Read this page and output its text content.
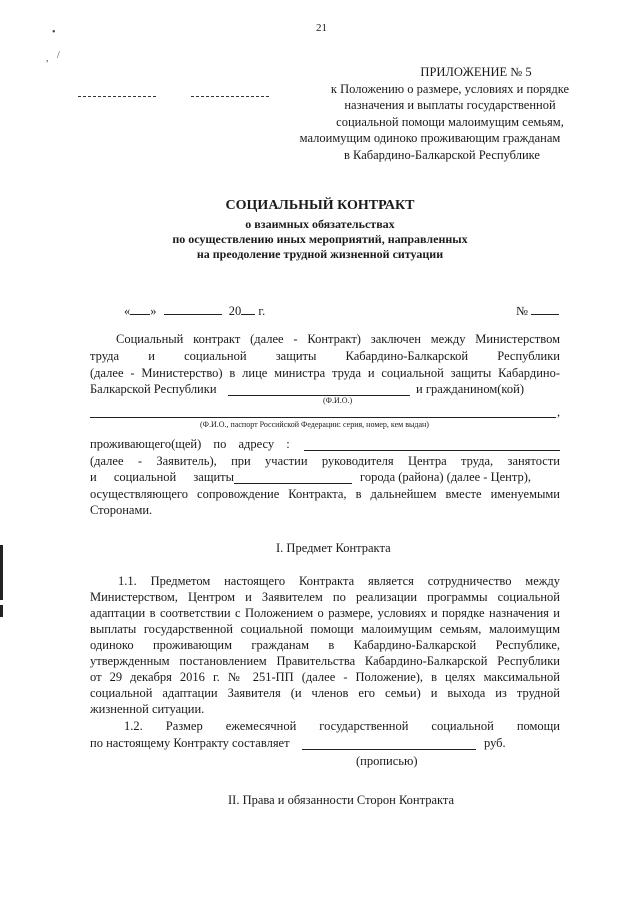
21
•
, /
ПРИЛОЖЕНИЕ № 5
к Положению о размере, условиях и порядке
назначения и выплаты государственной
социальной помощи малоимущим семьям,
малоимущим одиноко проживающим гражданам
в Кабардино-Балкарской Республике
СОЦИАЛЬНЫЙ КОНТРАКТ
о взаимных обязательствах
по осуществлению иных мероприятий, направленных
на преодоление трудной жизненной ситуации
« »	20 г.	№
Социальный контракт (далее - Контракт) заключен между Министерством
труда и социальной защиты Кабардино-Балкарской Республики
(далее - Министерство) в лице министра труда и социальной защиты Кабардино-
Балкарской Республики	и гражданином(кой)
(Ф.И.О.)
,
(Ф.И.О., паспорт Российской Федерации: серия, номер, кем выдан)
проживающего(щей) по адресу :
(далее - Заявитель), при участии руководителя Центра труда, занятости
и социальной защиты	города (района) (далее - Центр),
осуществляющего сопровождение Контракта, в дальнейшем вместе именуемыми
Сторонами.
I. Предмет Контракта
1.1. Предметом настоящего Контракта является сотрудничество между
Министерством, Центром и Заявителем по реализации программы социальной
адаптации в соответствии с Положением о размере, условиях и порядке назначения и
выплаты государственной социальной помощи малоимущим семьям, малоимущим
одиноко проживающим гражданам в Кабардино-Балкарской Республике,
утвержденным постановлением Правительства Кабардино-Балкарской Республики
от 29 декабря 2016 г. № 251-ПП (далее - Положение), в целях максимальной
социальной адаптации Заявителя (и членов его семьи) и выхода из трудной
жизненной ситуации.
1.2. Размер ежемесячной государственной социальной помощи
по настоящему Контракту составляет	руб.
(прописью)
II. Права и обязанности Сторон Контракта
